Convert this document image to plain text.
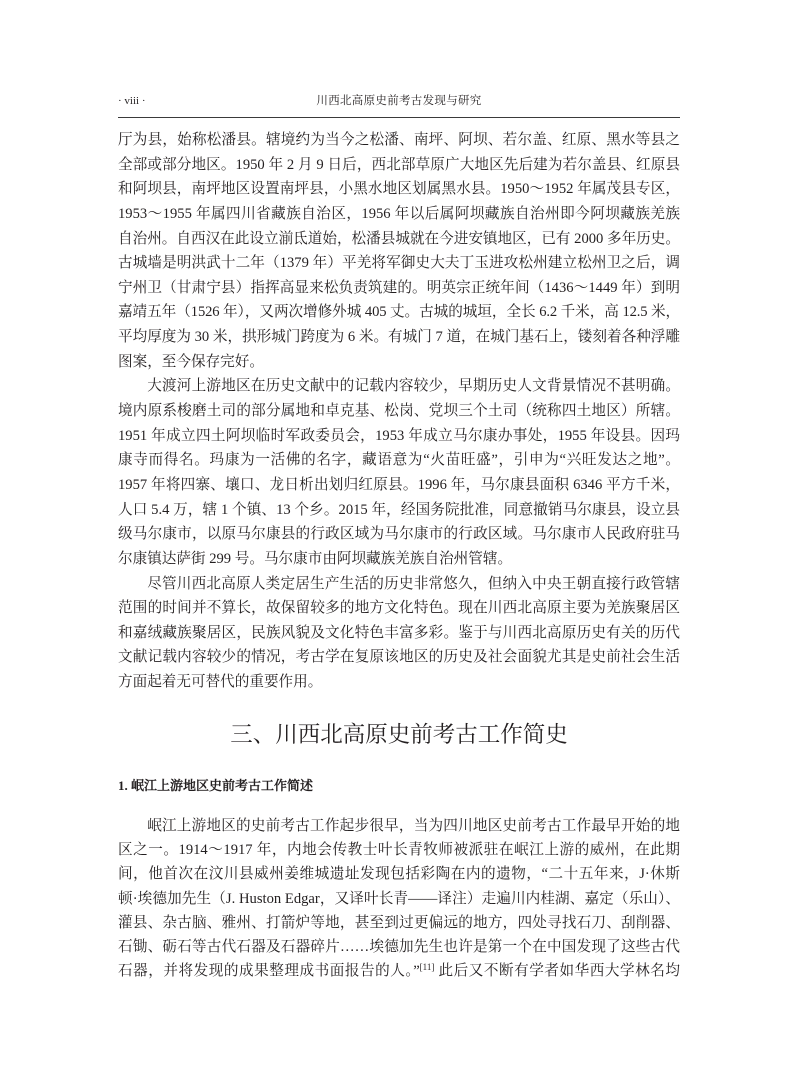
· viii ·	川西北高原史前考古发现与研究
厅为县，始称松潘县。辖境约为当今之松潘、南坪、阿坝、若尔盖、红原、黑水等县之
全部或部分地区。1950 年 2 月 9 日后，西北部草原广大地区先后建为若尔盖县、红原县
和阿坝县，南坪地区设置南坪县，小黑水地区划属黑水县。1950～1952 年属茂县专区，
1953～1955 年属四川省藏族自治区，1956 年以后属阿坝藏族自治州即今阿坝藏族羌族
自治州。自西汉在此设立湔氐道始，松潘县城就在今进安镇地区，已有 2000 多年历史。
古城墙是明洪武十二年（1379 年）平羌将军御史大夫丁玉进攻松州建立松州卫之后，调
宁州卫（甘肃宁县）指挥高显来松负责筑建的。明英宗正统年间（1436～1449 年）到明
嘉靖五年（1526 年），又两次增修外城 405 丈。古城的城垣，全长 6.2 千米，高 12.5 米，
平均厚度为 30 米，拱形城门跨度为 6 米。有城门 7 道，在城门基石上，镂刻着各种浮雕
图案，至今保存完好。
大渡河上游地区在历史文献中的记载内容较少，早期历史人文背景情况不甚明确。
境内原系梭磨土司的部分属地和卓克基、松岗、党坝三个土司（统称四土地区）所辖。
1951 年成立四土阿坝临时军政委员会，1953 年成立马尔康办事处，1955 年设县。因玛
康寺而得名。玛康为一活佛的名字，藏语意为“火苗旺盛”，引申为“兴旺发达之地”。
1957 年将四寨、壤口、龙日析出划归红原县。1996 年，马尔康县面积 6346 平方千米，
人口 5.4 万，辖 1 个镇、13 个乡。2015 年，经国务院批准，同意撤销马尔康县，设立县
级马尔康市，以原马尔康县的行政区域为马尔康市的行政区域。马尔康市人民政府驻马
尔康镇达萨街 299 号。马尔康市由阿坝藏族羌族自治州管辖。
尽管川西北高原人类定居生产生活的历史非常悠久，但纳入中央王朝直接行政管辖
范围的时间并不算长，故保留较多的地方文化特色。现在川西北高原主要为羌族聚居区
和嘉绒藏族聚居区，民族风貌及文化特色丰富多彩。鉴于与川西北高原历史有关的历代
文献记载内容较少的情况，考古学在复原该地区的历史及社会面貌尤其是史前社会生活
方面起着无可替代的重要作用。
三、川西北高原史前考古工作简史
1. 岷江上游地区史前考古工作简述
岷江上游地区的史前考古工作起步很早，当为四川地区史前考古工作最早开始的地
区之一。1914～1917 年，内地会传教士叶长青牧师被派驻在岷江上游的威州，在此期
间，他首次在汶川县威州姜维城遗址发现包括彩陶在内的遗物，“二十五年来，J·休斯
顿·埃德加先生（J. Huston Edgar，又译叶长青——译注）走遍川内桂湖、嘉定（乐山）、
灌县、杂古脑、雅州、打箭炉等地，甚至到过更偏远的地方，四处寻找石刀、刮削器、
石锄、砺石等古代石器及石器碎片……埃德加先生也许是第一个在中国发现了这些古代
石器，并将发现的成果整理成书面报告的人。”[11] 此后又不断有学者如华西大学林名均
